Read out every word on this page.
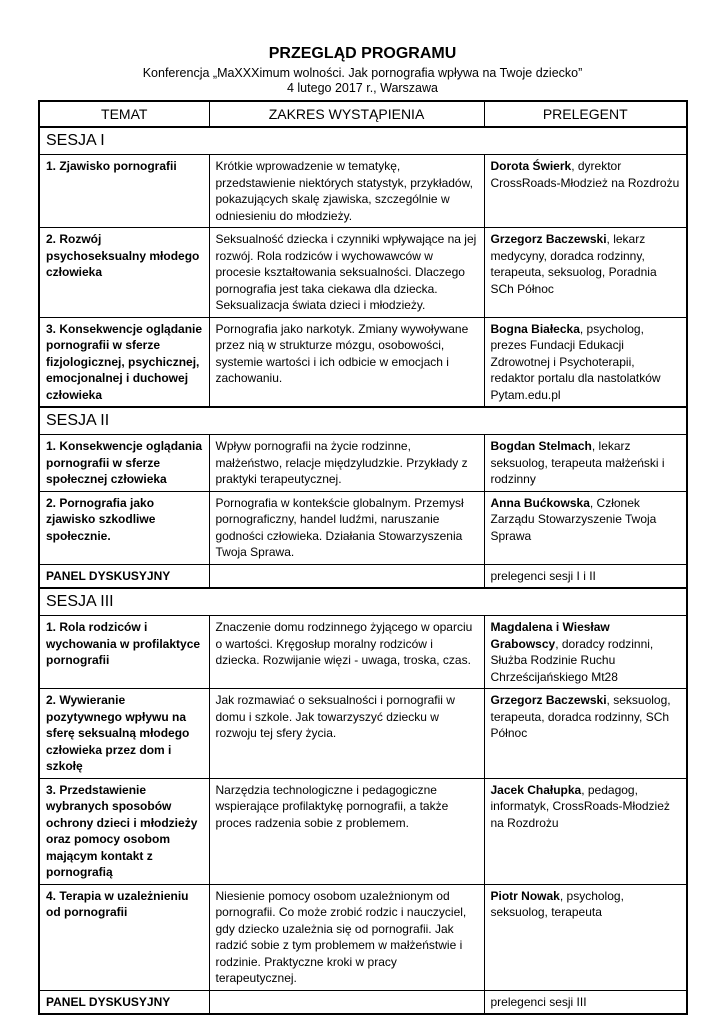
PRZEGLĄD PROGRAMU
Konferencja „MaXXXimum wolności. Jak pornografia wpływa na Twoje dziecko”
4 lutego 2017 r., Warszawa
TEMAT	ZAKRES WYSTĄPIENIA	PRELEGENT
SESJA I		
1. Zjawisko pornografii	Krótkie wprowadzenie w tematykę, przedstawienie niektórych statystyk, przykładów, pokazujących skalę zjawiska, szczególnie w odniesieniu do młodzieży.	Dorota Świerk, dyrektor CrossRoads-Młodzież na Rozdrożu
2. Rozwój psychoseksualny młodego człowieka	Seksualność dziecka i czynniki wpływające na jej rozwój. Rola rodziców i wychowawców w procesie kształtowania seksualności. Dlaczego pornografia jest taka ciekawa dla dziecka. Seksualizacja świata dzieci i młodzieży.	Grzegorz Baczewski, lekarz medycyny, doradca rodzinny, terapeuta, seksuolog, Poradnia SCh Północ
3. Konsekwencje oglądanie pornografii w sferze fizjologicznej, psychicznej, emocjonalnej i duchowej człowieka	Pornografia jako narkotyk. Zmiany wywoływane przez nią w strukturze mózgu, osobowości, systemie wartości i ich odbicie w emocjach i zachowaniu.	Bogna Białecka, psycholog, prezes Fundacji Edukacji Zdrowotnej i Psychoterapii, redaktor portalu dla nastolatków Pytam.edu.pl
SESJA II		
1. Konsekwencje oglądania pornografii w sferze społecznej człowieka	Wpływ pornografii na życie rodzinne, małżeństwo, relacje międzyludzkie. Przykłady z praktyki terapeutycznej.	Bogdan Stelmach, lekarz seksuolog, terapeuta małżeński i rodzinny
2. Pornografia jako zjawisko szkodliwe społecznie.	Pornografia w kontekście globalnym. Przemysł pornograficzny, handel ludźmi, naruszanie godności człowieka. Działania Stowarzyszenia Twoja Sprawa.	Anna Bućkowska, Członek Zarządu Stowarzyszenie Twoja Sprawa
PANEL DYSKUSYJNY		prelegenci sesji I i II
SESJA III		
1. Rola rodziców i wychowania w profilaktyce pornografii	Znaczenie domu rodzinnego żyjącego w oparciu o wartości. Kręgosłup moralny rodziców i dziecka. Rozwijanie więzi - uwaga, troska, czas.	Magdalena i Wiesław Grabowscy, doradcy rodzinni, Służba Rodzinie Ruchu Chrześcijańskiego Mt28
2. Wywieranie pozytywnego wpływu na sferę seksualną młodego człowieka przez dom i szkołę	Jak rozmawiać o seksualności i pornografii w domu i szkole. Jak towarzyszyć dziecku w rozwoju tej sfery życia.	Grzegorz Baczewski, seksuolog, terapeuta, doradca rodzinny, SCh Północ
3. Przedstawienie wybranych sposobów ochrony dzieci i młodzieży oraz pomocy osobom mającym kontakt z pornografią	Narzędzia technologiczne i pedagogiczne wspierające profilaktykę pornografii, a także proces radzenia sobie z problemem.	Jacek Chałupka, pedagog, informatyk, CrossRoads-Młodzież na Rozdrożu
4. Terapia w uzależnieniu od pornografii	Niesienie pomocy osobom uzależnionym od pornografii. Co może zrobić rodzic i nauczyciel, gdy dziecko uzależnia się od pornografii. Jak radzić sobie z tym problemem w małżeństwie i rodzinie. Praktyczne kroki w pracy terapeutycznej.	Piotr Nowak, psycholog, seksuolog, terapeuta
PANEL DYSKUSYJNY		prelegenci sesji III
